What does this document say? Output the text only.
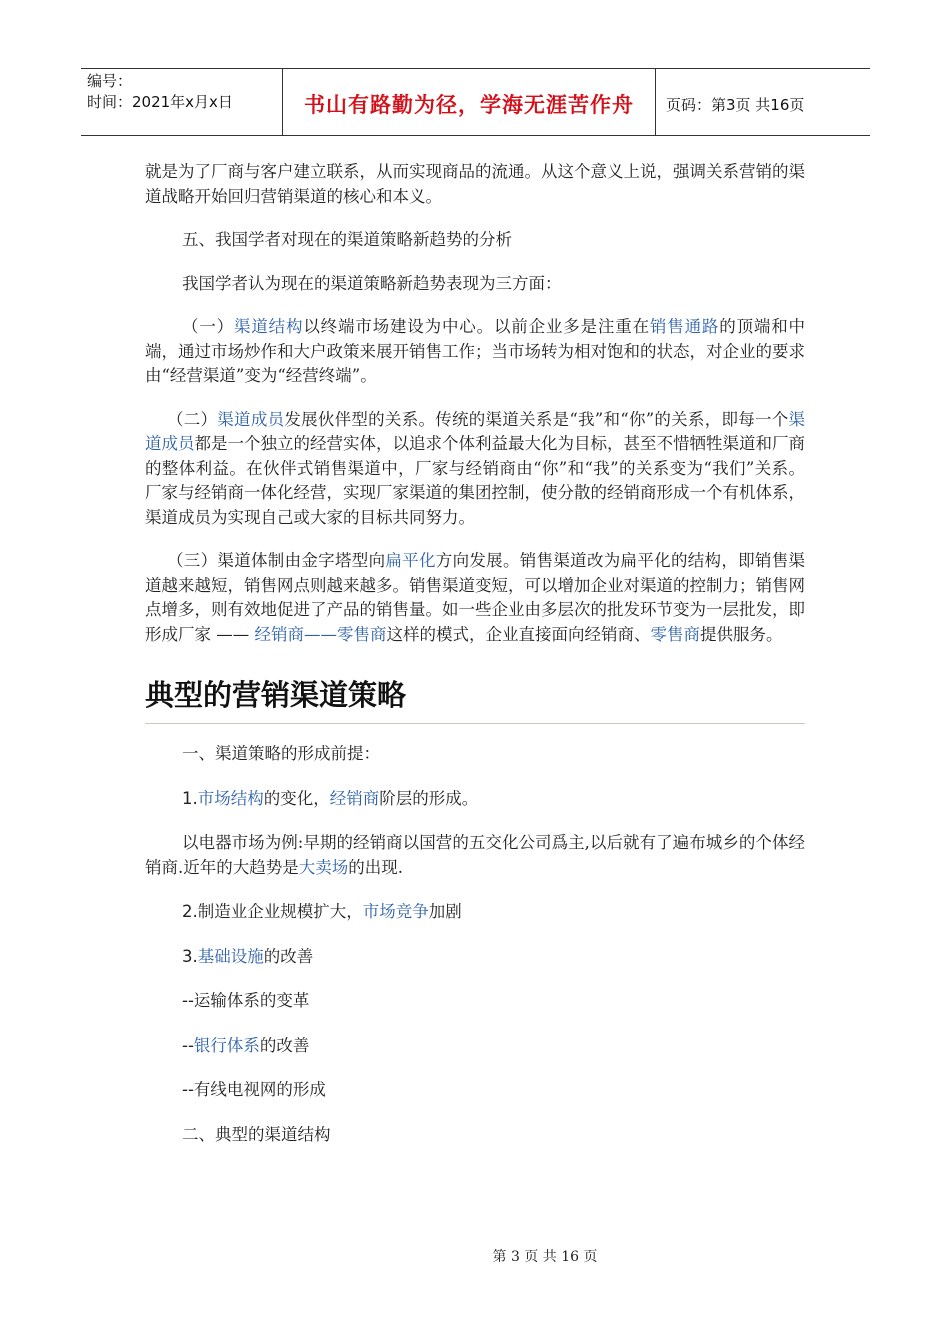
编号：
时间：2021年x月x日	书山有路勤为径，学海无涯苦作舟	页码：第3页 共16页

就是为了厂商与客户建立联系，从而实现商品的流通。从这个意义上说，强调关系营销的渠道战略开始回归营销渠道的核心和本义。

五、我国学者对现在的渠道策略新趋势的分析

我国学者认为现在的渠道策略新趋势表现为三方面：

（一）渠道结构以终端市场建设为中心。以前企业多是注重在销售通路的顶端和中端，通过市场炒作和大户政策来展开销售工作；当市场转为相对饱和的状态，对企业的要求由“经营渠道”变为“经营终端”。

（二）渠道成员发展伙伴型的关系。传统的渠道关系是“我”和“你”的关系，即每一个渠道成员都是一个独立的经营实体，以追求个体利益最大化为目标，甚至不惜牺牲渠道和厂商的整体利益。在伙伴式销售渠道中，厂家与经销商由“你”和“我”的关系变为“我们”关系。厂家与经销商一体化经营，实现厂家渠道的集团控制，使分散的经销商形成一个有机体系，渠道成员为实现自己或大家的目标共同努力。

（三）渠道体制由金字塔型向扁平化方向发展。销售渠道改为扁平化的结构，即销售渠道越来越短，销售网点则越来越多。销售渠道变短，可以增加企业对渠道的控制力；销售网点增多，则有效地促进了产品的销售量。如一些企业由多层次的批发环节变为一层批发，即形成厂家 —— 经销商——零售商这样的模式，企业直接面向经销商、零售商提供服务。

典型的营销渠道策略

一、渠道策略的形成前提：

1.市场结构的变化，经销商阶层的形成。

以电器市场为例:早期的经销商以国营的五交化公司爲主,以后就有了遍布城乡的个体经销商.近年的大趋势是大卖场的出现.

2.制造业企业规模扩大，市场竞争加剧

3.基础设施的改善

--运输体系的变革

--银行体系的改善

--有线电视网的形成

二、典型的渠道结构

第 3 页 共 16 页
